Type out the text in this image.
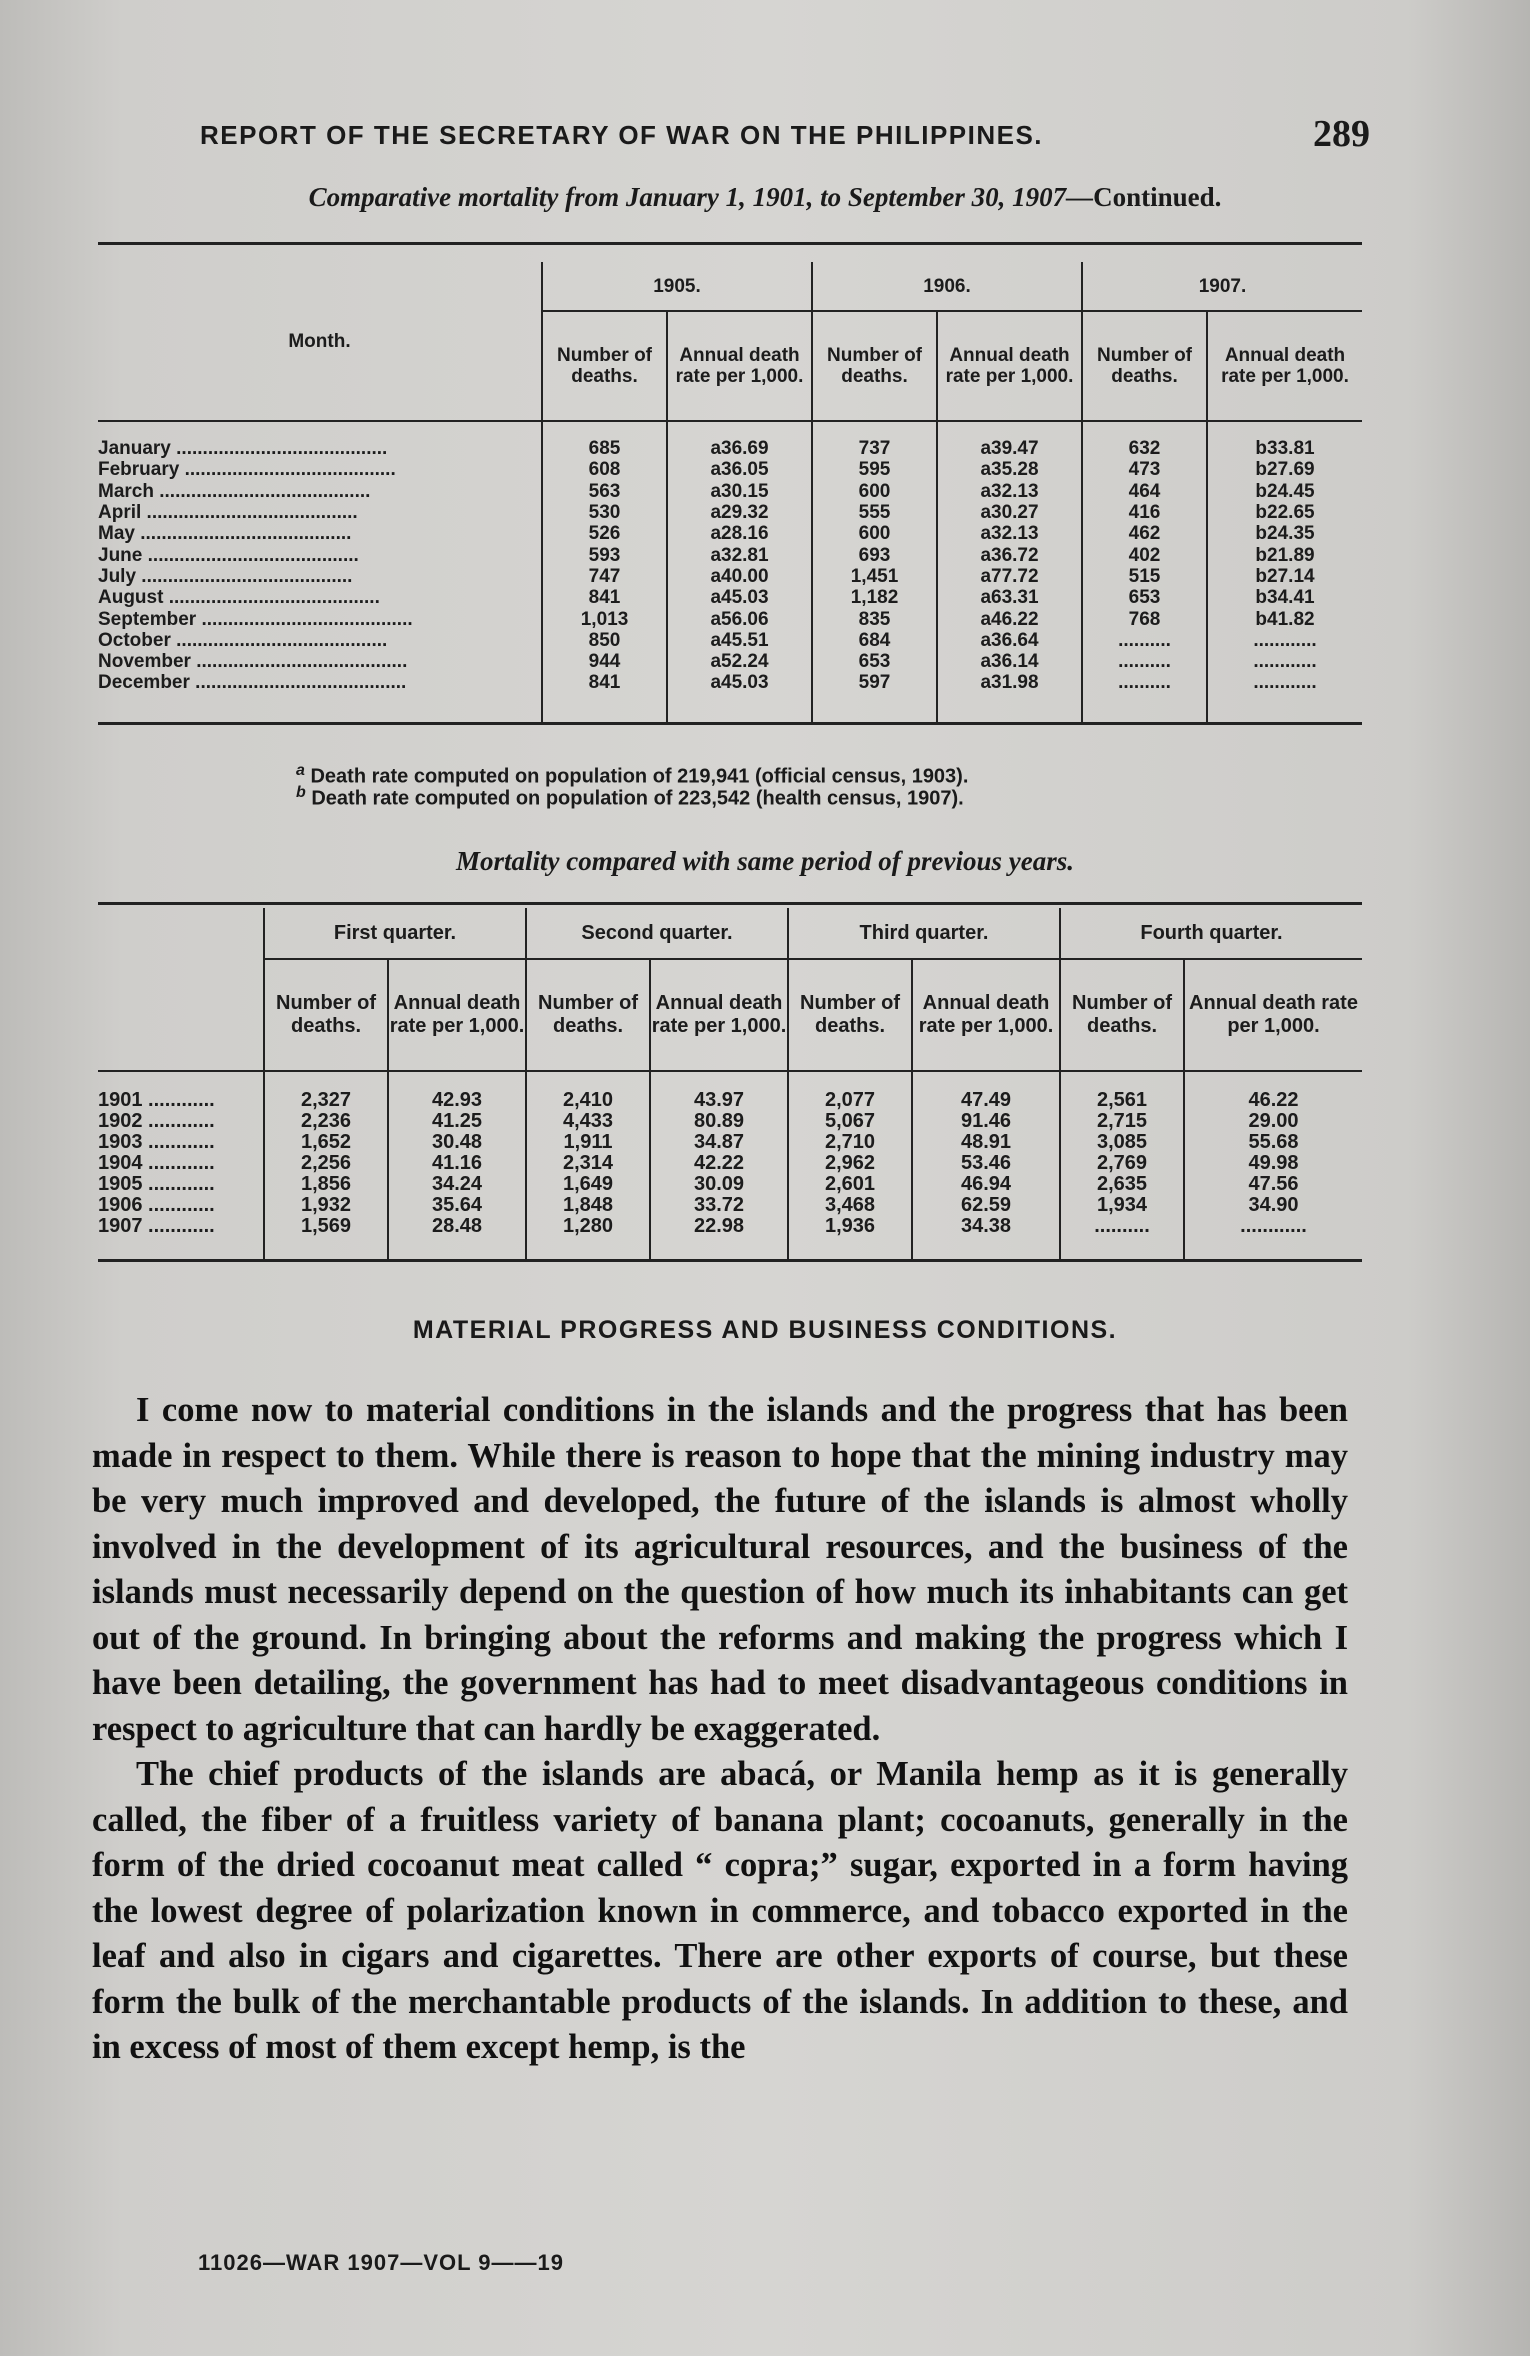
REPORT OF THE SECRETARY OF WAR ON THE PHILIPPINES.	289
Comparative mortality from January 1, 1901, to September 30, 1907—Continued.
Month.	1905.		1906.		1907.	
	Number of deaths.	Annual death rate per 1,000.	Number of deaths.	Annual death rate per 1,000.	Number of deaths.	Annual death rate per 1,000.
January ........................................	685	a36.69	737	a39.47	632	b33.81
February ........................................	608	a36.05	595	a35.28	473	b27.69
March ........................................	563	a30.15	600	a32.13	464	b24.45
April ........................................	530	a29.32	555	a30.27	416	b22.65
May ........................................	526	a28.16	600	a32.13	462	b24.35
June ........................................	593	a32.81	693	a36.72	402	b21.89
July ........................................	747	a40.00	1,451	a77.72	515	b27.14
August ........................................	841	a45.03	1,182	a63.31	653	b34.41
September ........................................	1,013	a56.06	835	a46.22	768	b41.82
October ........................................	850	a45.51	684	a36.64	..........	............
November ........................................	944	a52.24	653	a36.14	..........	............
December ........................................	841	a45.03	597	a31.98	..........	............
$^a$ Death rate computed on population of 219,941 (official census, 1903).
$^b$ Death rate computed on population of 223,542 (health census, 1907).
Mortality compared with same period of previous years.
	First quarter.		Second quarter.		Third quarter.		Fourth quarter.	
	Number of deaths.	Annual death rate per 1,000.	Number of deaths.	Annual death rate per 1,000.	Number of deaths.	Annual death rate per 1,000.	Number of deaths.	Annual death rate per 1,000.
1901 ............	2,327	42.93	2,410	43.97	2,077	47.49	2,561	46.22
1902 ............	2,236	41.25	4,433	80.89	5,067	91.46	2,715	29.00
1903 ............	1,652	30.48	1,911	34.87	2,710	48.91	3,085	55.68
1904 ............	2,256	41.16	2,314	42.22	2,962	53.46	2,769	49.98
1905 ............	1,856	34.24	1,649	30.09	2,601	46.94	2,635	47.56
1906 ............	1,932	35.64	1,848	33.72	3,468	62.59	1,934	34.90
1907 ............	1,569	28.48	1,280	22.98	1,936	34.38	..........	............
MATERIAL PROGRESS AND BUSINESS CONDITIONS.

I come now to material conditions in the islands and the progress that has been made in respect to them. While there is reason to hope that the mining industry may be very much improved and developed, the future of the islands is almost wholly involved in the development of its agricultural resources, and the business of the islands must necessarily depend on the question of how much its inhabitants can get out of the ground. In bringing about the reforms and making the progress which I have been detailing, the government has had to meet disadvantageous conditions in respect to agriculture that can hardly be exaggerated.

The chief products of the islands are abacá, or Manila hemp as it is generally called, the fiber of a fruitless variety of banana plant; cocoanuts, generally in the form of the dried cocoanut meat called “ copra;” sugar, exported in a form having the lowest degree of polarization known in commerce, and tobacco exported in the leaf and also in cigars and cigarettes. There are other exports of course, but these form the bulk of the merchantable products of the islands. In addition to these, and in excess of most of them except hemp, is the

11026—WAR 1907—VOL 9——19
